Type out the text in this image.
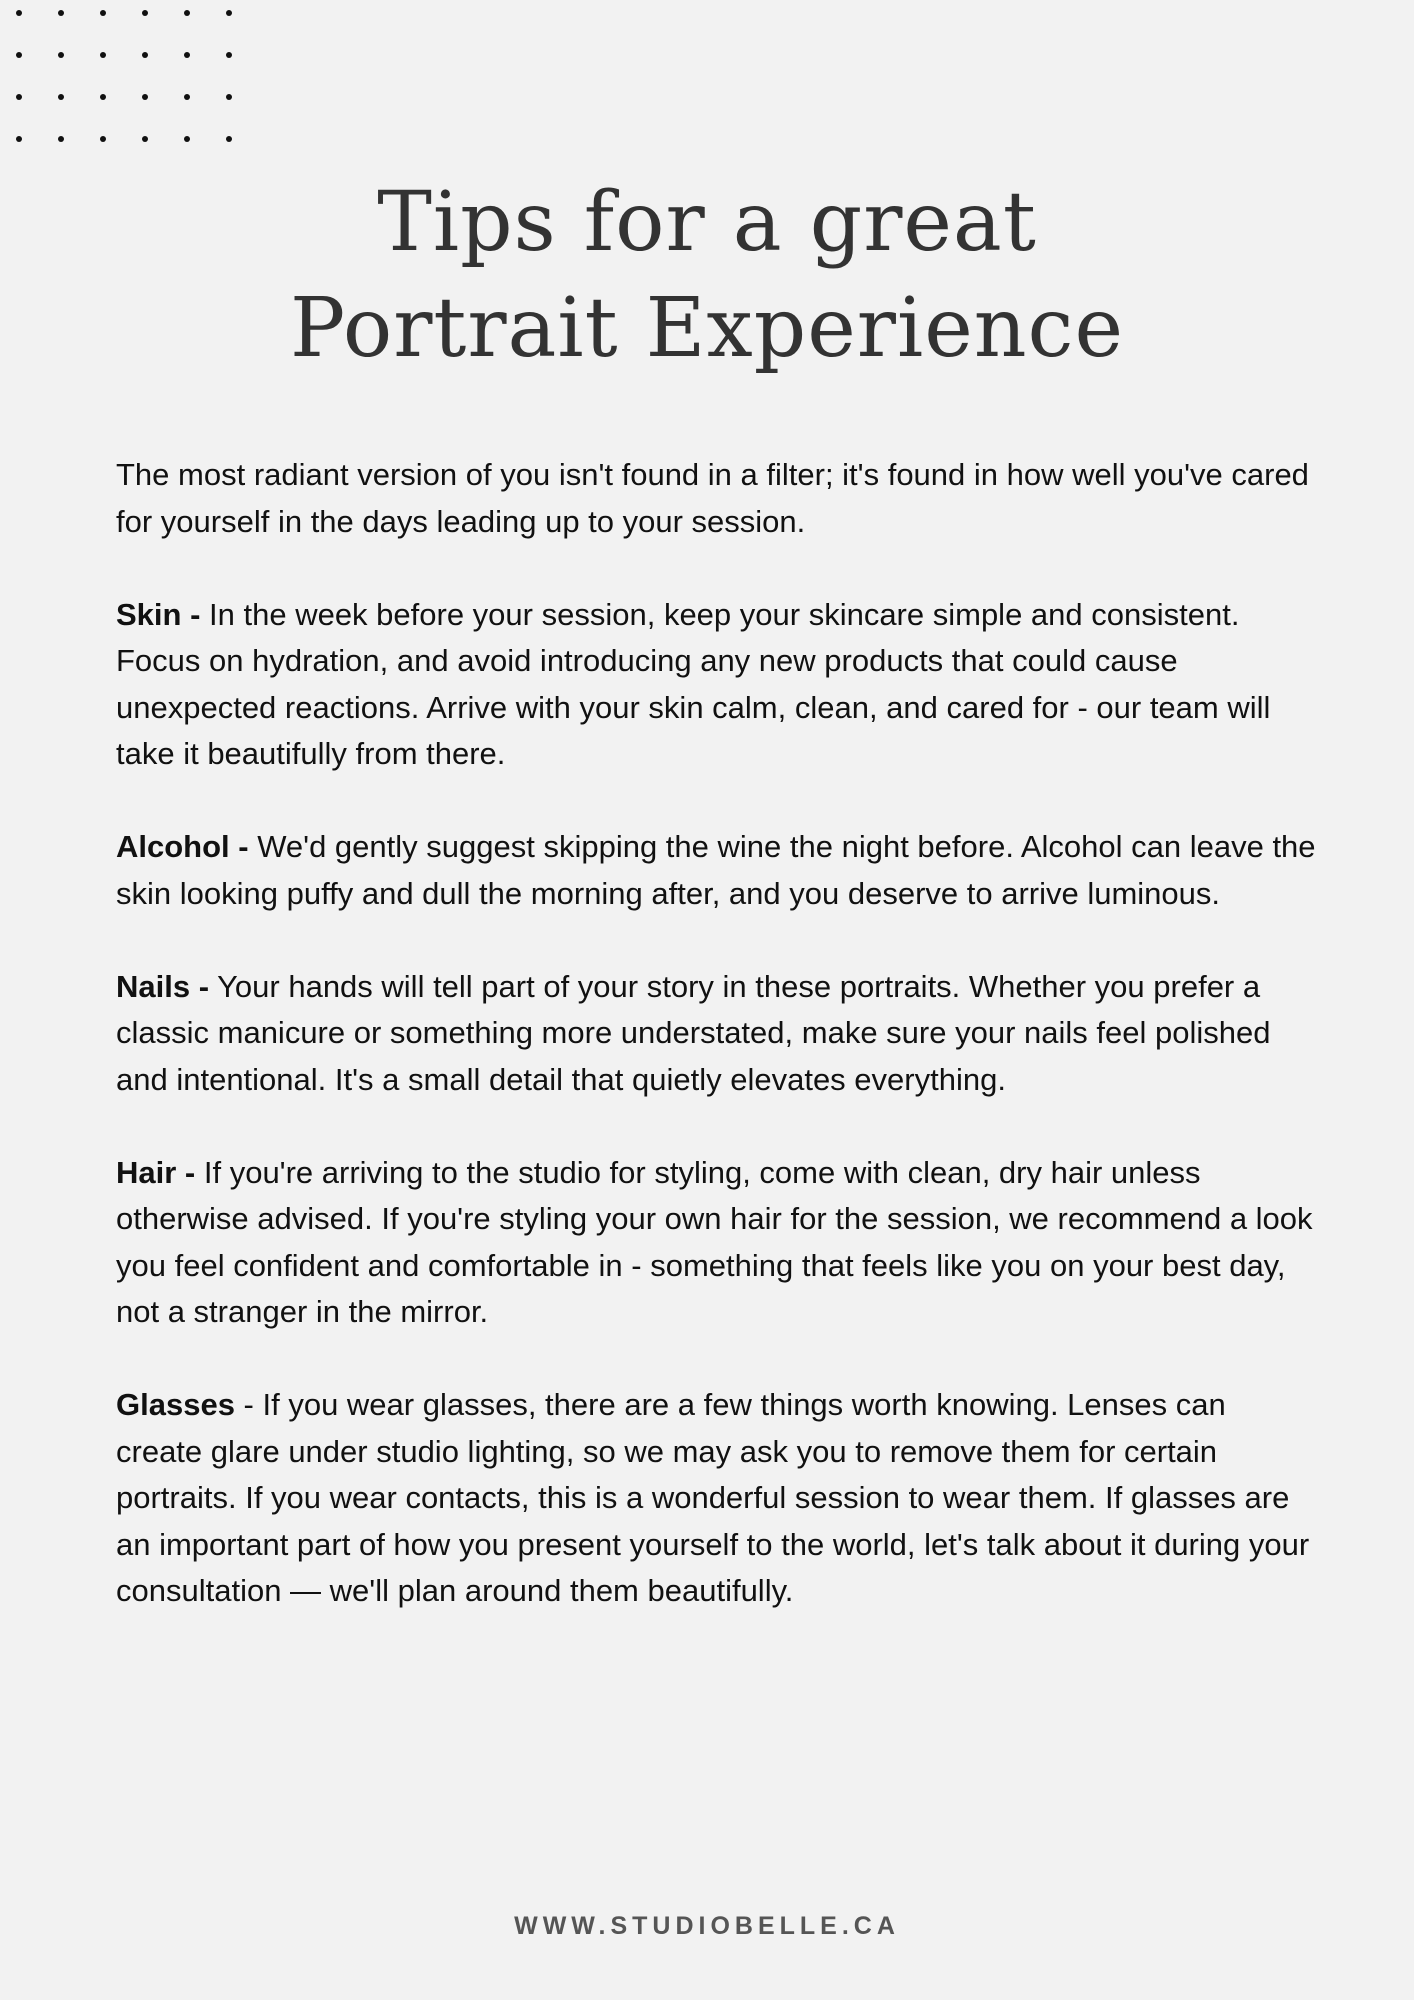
Tips for a great
Portrait Experience

The most radiant version of you isn't found in a filter; it's found in how well you've cared for yourself in the days leading up to your session.

Skin - In the week before your session, keep your skincare simple and consistent. Focus on hydration, and avoid introducing any new products that could cause unexpected reactions. Arrive with your skin calm, clean, and cared for - our team will take it beautifully from there.

Alcohol - We'd gently suggest skipping the wine the night before. Alcohol can leave the skin looking puffy and dull the morning after, and you deserve to arrive luminous.

Nails - Your hands will tell part of your story in these portraits. Whether you prefer a classic manicure or something more understated, make sure your nails feel polished and intentional. It's a small detail that quietly elevates everything.

Hair - If you're arriving to the studio for styling, come with clean, dry hair unless otherwise advised. If you're styling your own hair for the session, we recommend a look you feel confident and comfortable in - something that feels like you on your best day, not a stranger in the mirror.

Glasses - If you wear glasses, there are a few things worth knowing. Lenses can create glare under studio lighting, so we may ask you to remove them for certain portraits. If you wear contacts, this is a wonderful session to wear them. If glasses are an important part of how you present yourself to the world, let's talk about it during your consultation — we'll plan around them beautifully.

WWW.STUDIOBELLE.CA
